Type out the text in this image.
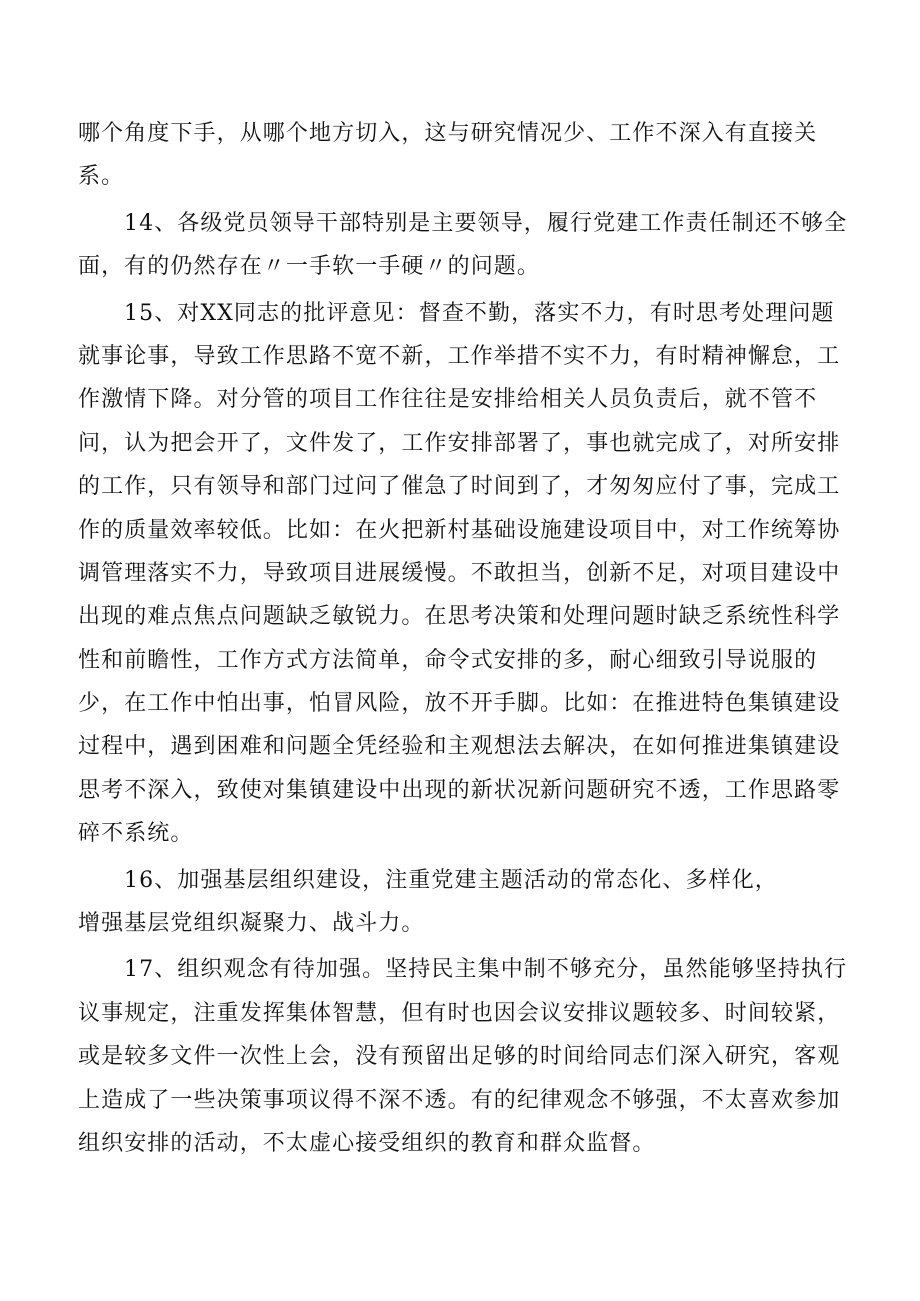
哪个角度下手，从哪个地方切入，这与研究情况少、工作不深入有直接关
系。
14、各级党员领导干部特别是主要领导，履行党建工作责任制还不够全
面，有的仍然存在〃一手软一手硬〃的问题。
15、对XX同志的批评意见：督查不勤，落实不力，有时思考处理问题
就事论事，导致工作思路不宽不新，工作举措不实不力，有时精神懈怠，工
作激情下降。对分管的项目工作往往是安排给相关人员负责后，就不管不
问，认为把会开了，文件发了，工作安排部署了，事也就完成了，对所安排
的工作，只有领导和部门过问了催急了时间到了，才匆匆应付了事，完成工
作的质量效率较低。比如：在火把新村基础设施建设项目中，对工作统筹协
调管理落实不力，导致项目进展缓慢。不敢担当，创新不足，对项目建设中
出现的难点焦点问题缺乏敏锐力。在思考决策和处理问题时缺乏系统性科学
性和前瞻性，工作方式方法简单，命令式安排的多，耐心细致引导说服的
少，在工作中怕出事，怕冒风险，放不开手脚。比如：在推进特色集镇建设
过程中，遇到困难和问题全凭经验和主观想法去解决，在如何推进集镇建设
思考不深入，致使对集镇建设中出现的新状况新问题研究不透，工作思路零
碎不系统。
16、加强基层组织建设，注重党建主题活动的常态化、多样化，
增强基层党组织凝聚力、战斗力。
17、组织观念有待加强。坚持民主集中制不够充分，虽然能够坚持执行
议事规定，注重发挥集体智慧，但有时也因会议安排议题较多、时间较紧，
或是较多文件一次性上会，没有预留出足够的时间给同志们深入研究，客观
上造成了一些决策事项议得不深不透。有的纪律观念不够强，不太喜欢参加
组织安排的活动，不太虚心接受组织的教育和群众监督。
